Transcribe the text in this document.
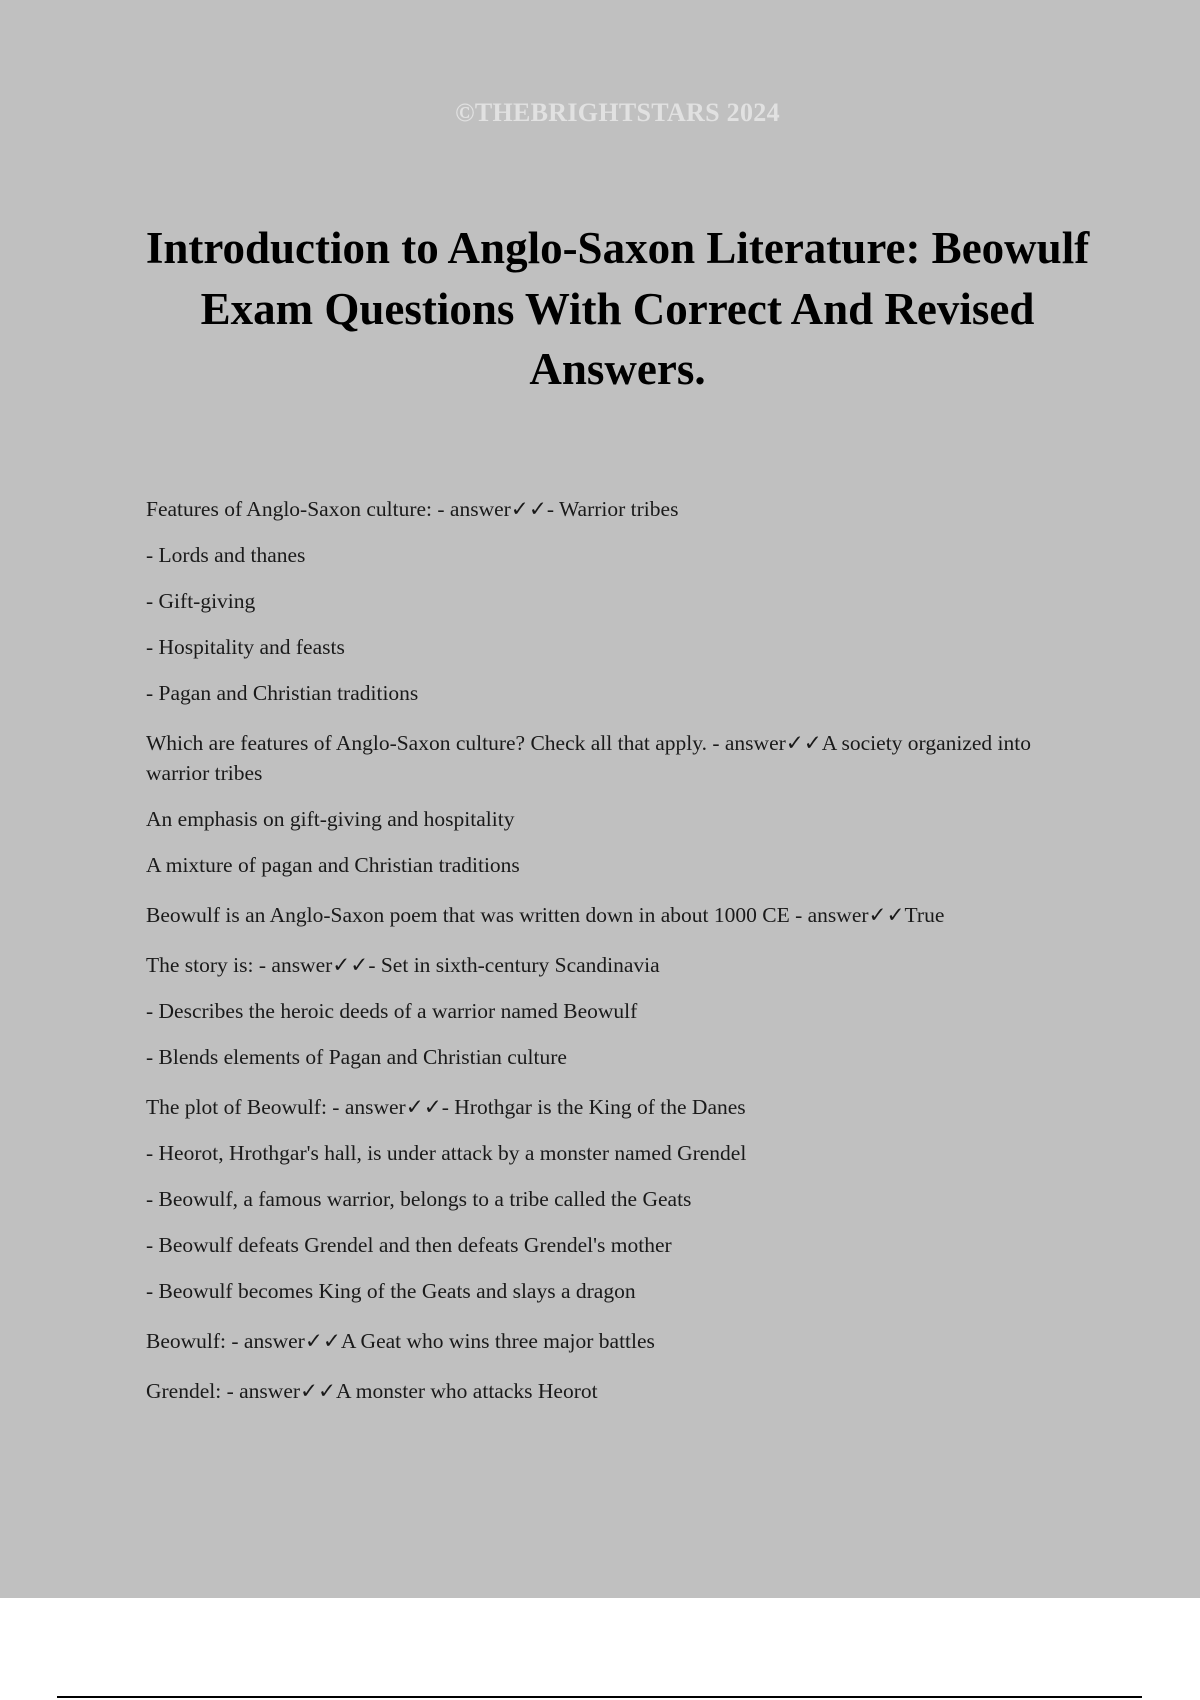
©THEBRIGHTSTARS 2024

Introduction to Anglo-Saxon Literature: Beowulf Exam Questions With Correct And Revised Answers.

Features of Anglo-Saxon culture: - answer✓✓- Warrior tribes

- Lords and thanes

- Gift-giving

- Hospitality and feasts

- Pagan and Christian traditions

Which are features of Anglo-Saxon culture? Check all that apply. - answer✓✓A society organized into warrior tribes

An emphasis on gift-giving and hospitality

A mixture of pagan and Christian traditions

Beowulf is an Anglo-Saxon poem that was written down in about 1000 CE - answer✓✓True

The story is: - answer✓✓- Set in sixth-century Scandinavia

- Describes the heroic deeds of a warrior named Beowulf

- Blends elements of Pagan and Christian culture

The plot of Beowulf: - answer✓✓- Hrothgar is the King of the Danes

- Heorot, Hrothgar's hall, is under attack by a monster named Grendel

- Beowulf, a famous warrior, belongs to a tribe called the Geats

- Beowulf defeats Grendel and then defeats Grendel's mother

- Beowulf becomes King of the Geats and slays a dragon

Beowulf: - answer✓✓A Geat who wins three major battles

Grendel: - answer✓✓A monster who attacks Heorot
